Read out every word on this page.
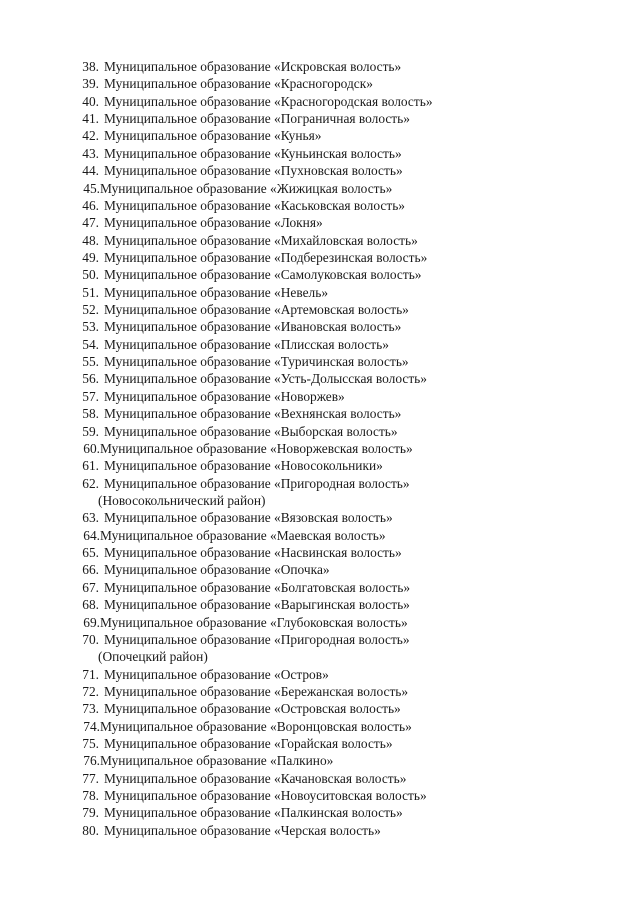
38. Муниципальное образование «Искровская волость»
39. Муниципальное образование «Красногородск»
40. Муниципальное образование «Красногородская волость»
41. Муниципальное образование «Пограничная волость»
42. Муниципальное образование «Кунья»
43. Муниципальное образование «Куньинская волость»
44. Муниципальное образование «Пухновская волость»
45. Муниципальное образование «Жижицкая волость»
46. Муниципальное образование «Каськовская волость»
47. Муниципальное образование «Локня»
48. Муниципальное образование «Михайловская волость»
49. Муниципальное образование «Подберезинская волость»
50. Муниципальное образование «Самолуковская волость»
51. Муниципальное образование «Невель»
52. Муниципальное образование «Артемовская волость»
53. Муниципальное образование «Ивановская волость»
54. Муниципальное образование «Плисская волость»
55. Муниципальное образование «Туричинская волость»
56. Муниципальное образование «Усть-Долысская волость»
57. Муниципальное образование «Новоржев»
58. Муниципальное образование «Вехнянская волость»
59. Муниципальное образование «Выборская волость»
60. Муниципальное образование «Новоржевская волость»
61. Муниципальное образование «Новосокольники»
62. Муниципальное образование «Пригородная волость»
(Новосокольнический район)
63. Муниципальное образование «Вязовская волость»
64. Муниципальное образование «Маевская волость»
65. Муниципальное образование «Насвинская волость»
66. Муниципальное образование «Опочка»
67. Муниципальное образование «Болгатовская волость»
68. Муниципальное образование «Варыгинская волость»
69. Муниципальное образование «Глубоковская волость»
70. Муниципальное образование «Пригородная волость»
(Опочецкий район)
71. Муниципальное образование «Остров»
72. Муниципальное образование «Бережанская волость»
73. Муниципальное образование «Островская волость»
74. Муниципальное образование «Воронцовская волость»
75. Муниципальное образование «Горайская волость»
76. Муниципальное образование «Палкино»
77. Муниципальное образование «Качановская волость»
78. Муниципальное образование «Новоуситовская волость»
79. Муниципальное образование «Палкинская волость»
80. Муниципальное образование «Черская волость»
